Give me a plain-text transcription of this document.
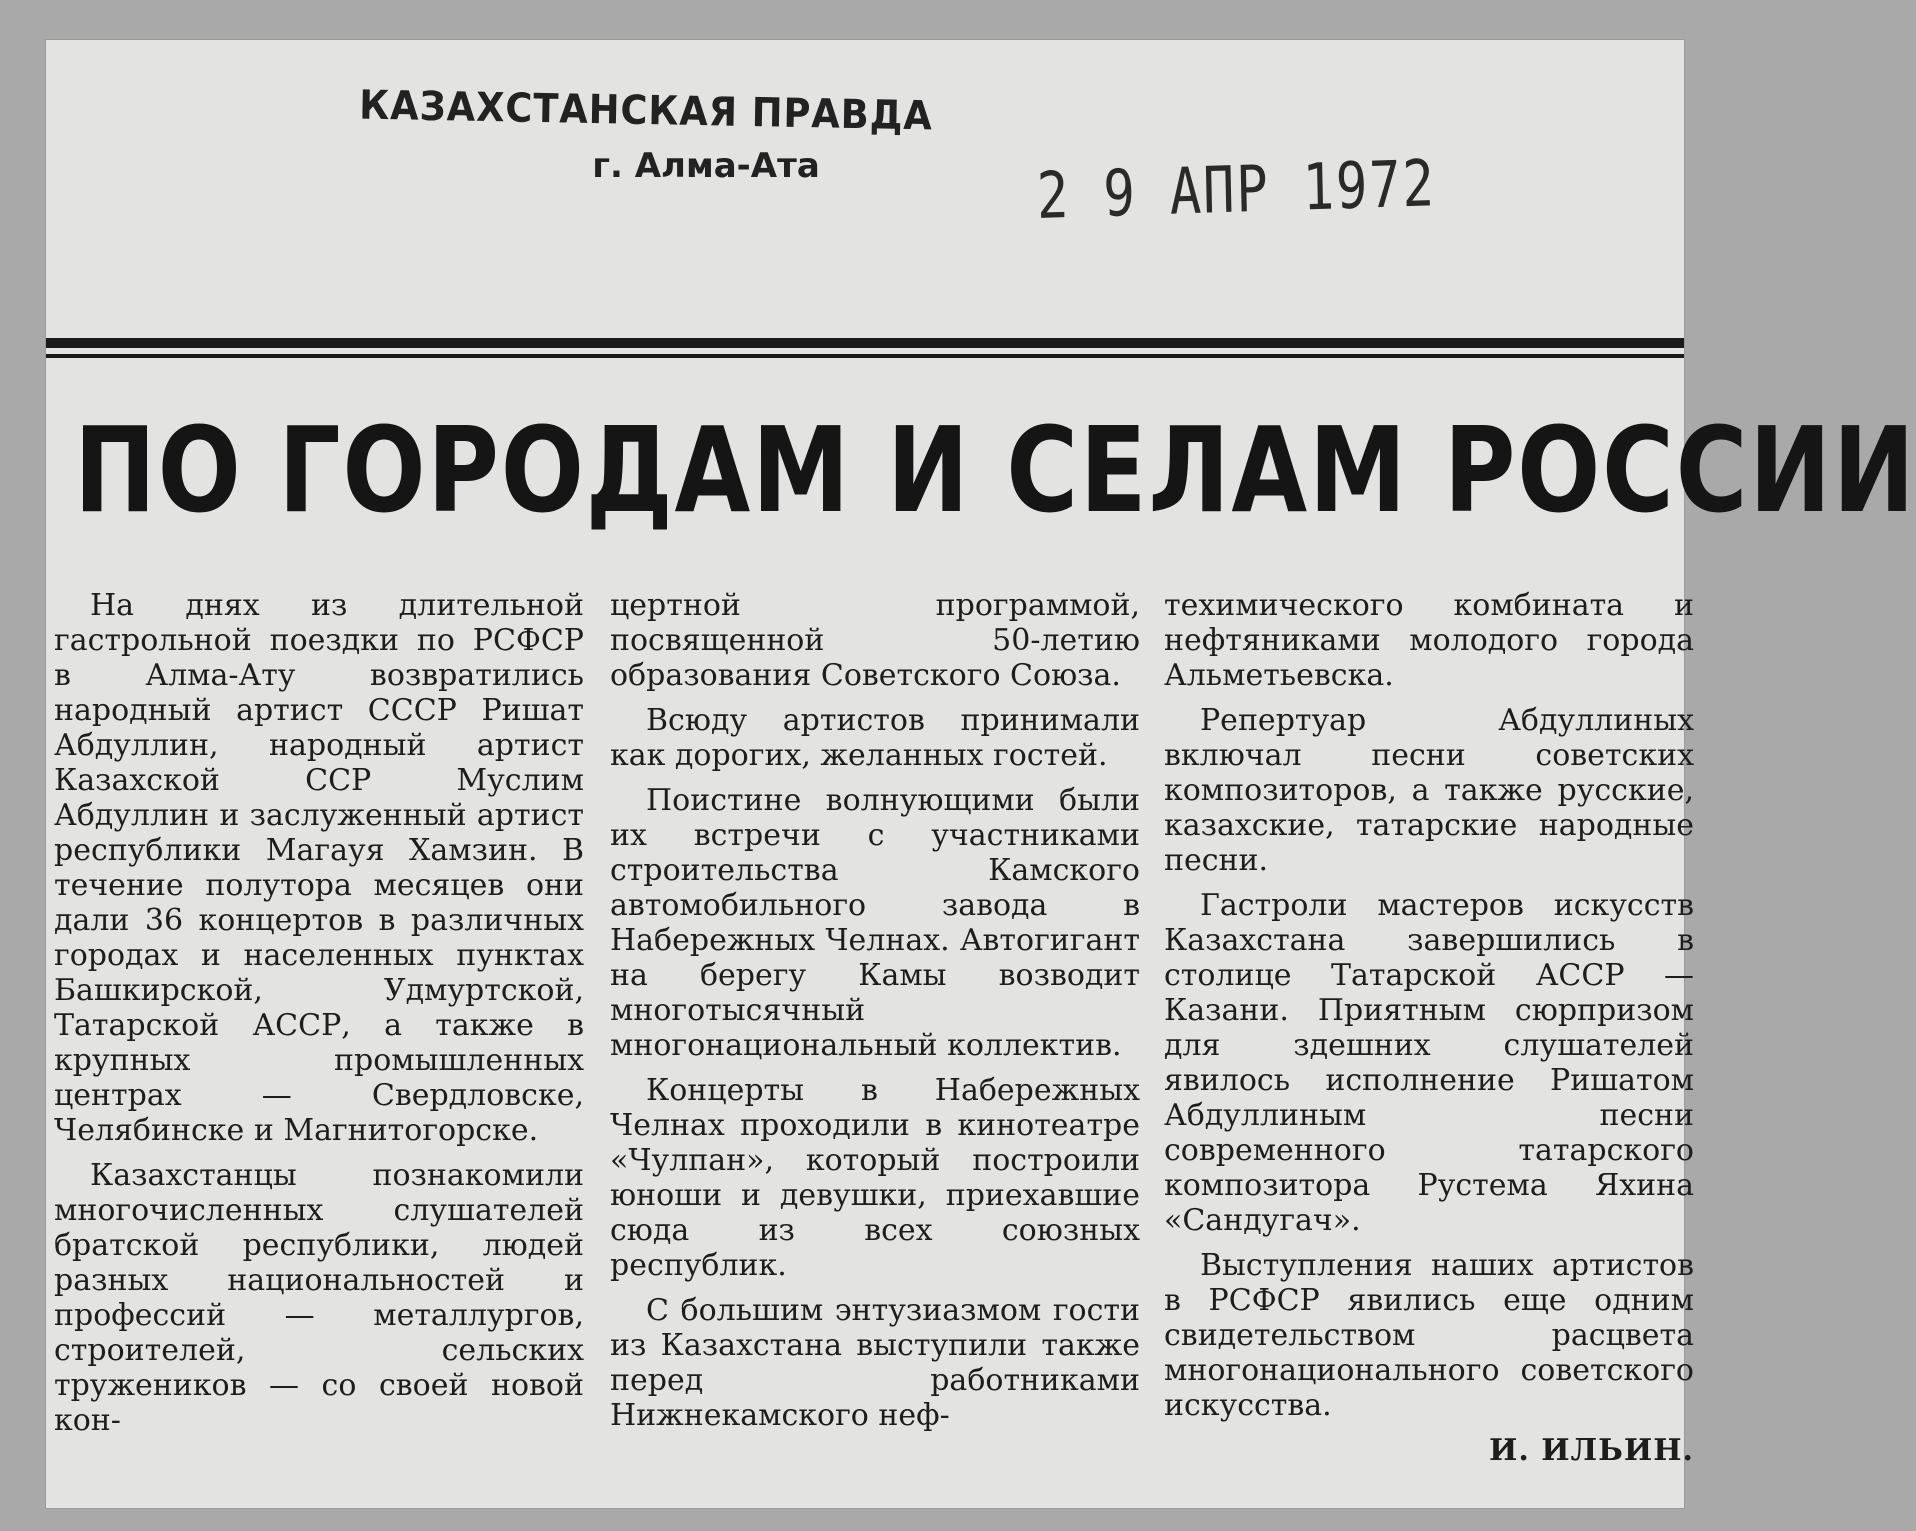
КАЗАХСТАНСКАЯ ПРАВДА
г. Алма-Ата	2 9 АПР 1972
ПО ГОРОДАМ И СЕЛАМ РОССИИ

На днях из длительной гастрольной поездки по РСФСР в Алма-Ату возвратились народный артист СССР Ришат Абдуллин, народный артист Казахской ССР Муслим Абдуллин и заслуженный артист республики Магауя Хамзин. В течение полутора месяцев они дали 36 концертов в различных городах и населенных пунктах Башкирской, Удмуртской, Татарской АССР, а также в крупных промышленных центрах — Свердловске, Челябинске и Магнитогорске.

Казахстанцы познакомили многочисленных слушателей братской республики, людей разных национальностей и профессий — металлургов, строителей, сельских тружеников — со своей новой кон-

цертной программой, посвященной 50-летию образования Советского Союза.

Всюду артистов принимали как дорогих, желанных гостей.

Поистине волнующими были их встречи с участниками строительства Камского автомобильного завода в Набережных Челнах. Автогигант на берегу Камы возводит многотысячный многонациональный коллектив.

Концерты в Набережных Челнах проходили в кинотеатре «Чулпан», который построили юноши и девушки, приехавшие сюда из всех союзных республик.

С большим энтузиазмом гости из Казахстана выступили также перед работниками Нижнекамского неф-

техимического комбината и нефтяниками молодого города Альметьевска.

Репертуар Абдуллиных включал песни советских композиторов, а также русские, казахские, татарские народные песни.

Гастроли мастеров искусств Казахстана завершились в столице Татарской АССР — Казани. Приятным сюрпризом для здешних слушателей явилось исполнение Ришатом Абдуллиным песни современного татарского композитора Рустема Яхина «Сандугач».

Выступления наших артистов в РСФСР явились еще одним свидетельством расцвета многонационального советского искусства.

И. ИЛЬИН.
